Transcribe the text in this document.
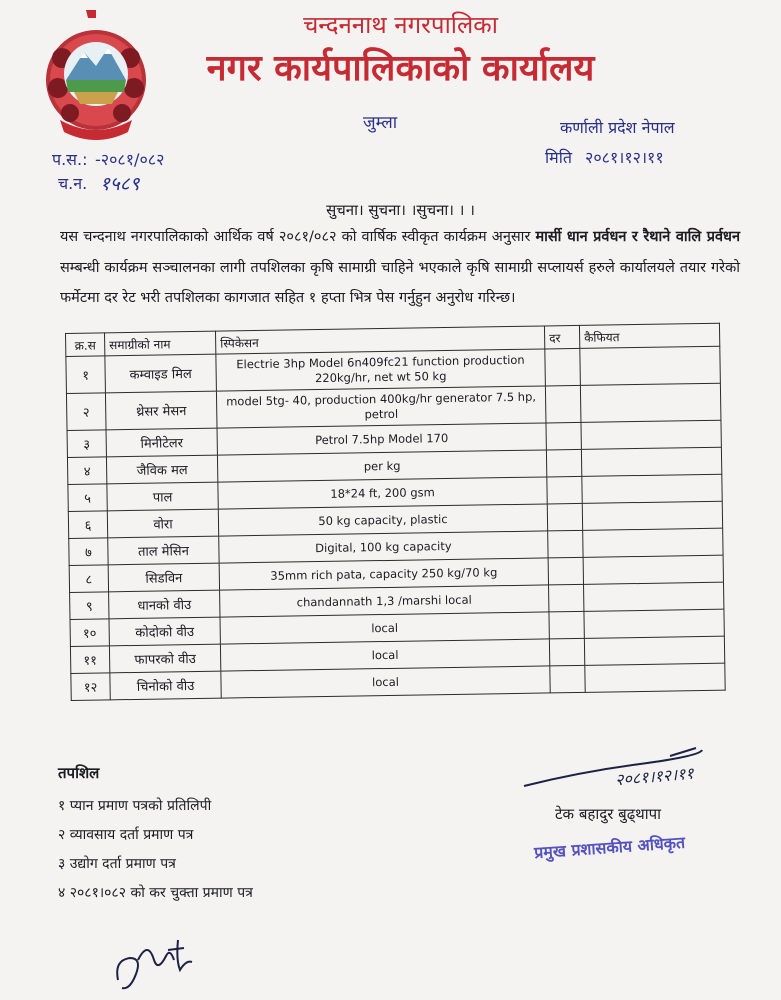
चन्दननाथ नगरपालिका
नगर कार्यपालिकाको कार्यालय
जुम्ला	कर्णाली प्रदेश नेपाल
मिति २०८१।१२।११
प.स.: -२०८१/०८२
च.न. १५८९
सुचना। सुचना। ।सुचना। । ।
यस चन्दनाथ नगरपालिकाको आर्थिक वर्ष २०८१/०८२ को वार्षिक स्वीकृत कार्यक्रम अनुसार मार्सी धान प्रर्वधन र रैथाने वालि प्रर्वधन सम्बन्धी कार्यक्रम सञ्चालनका लागी तपशिलका कृषि सामाग्री चाहिने भएकाले कृषि सामाग्री सप्लायर्स हरुले कार्यालयले तयार गरेको फर्मेटमा दर रेट भरी तपशिलका कागजात सहित १ हप्ता भित्र पेस गर्नुहुन अनुरोध गरिन्छ।
क्र.स	समाग्रीको नाम	स्पिकेसन	दर	कैफियत
१	कम्वाइड मिल	Electrie 3hp Model 6n409fc21 function production 220kg/hr, net wt 50 kg		
२	थ्रेसर मेसन	model 5tg- 40, production 400kg/hr generator 7.5 hp, petrol		
३	मिनीटेलर	Petrol 7.5hp Model 170		
४	जैविक मल	per kg		
५	पाल	18*24 ft, 200 gsm		
६	वोरा	50 kg capacity, plastic		
७	ताल मेसिन	Digital, 100 kg capacity		
८	सिडविन	35mm rich pata, capacity 250 kg/70 kg		
९	धानको वीउ	chandannath 1,3 /marshi local		
१०	कोदोको वीउ	local		
११	फापरको वीउ	local		
१२	चिनोको वीउ	local		
तपशिल
१ प्यान प्रमाण पत्रको प्रतिलिपी
२ व्यावसाय दर्ता प्रमाण पत्र
३ उद्योग दर्ता प्रमाण पत्र
४ २०८१।०८२ को कर चुक्ता प्रमाण पत्र
२०८१।१२।११
टेक बहादुर बुढ्थापा
प्रमुख प्रशासकीय अधिकृत
